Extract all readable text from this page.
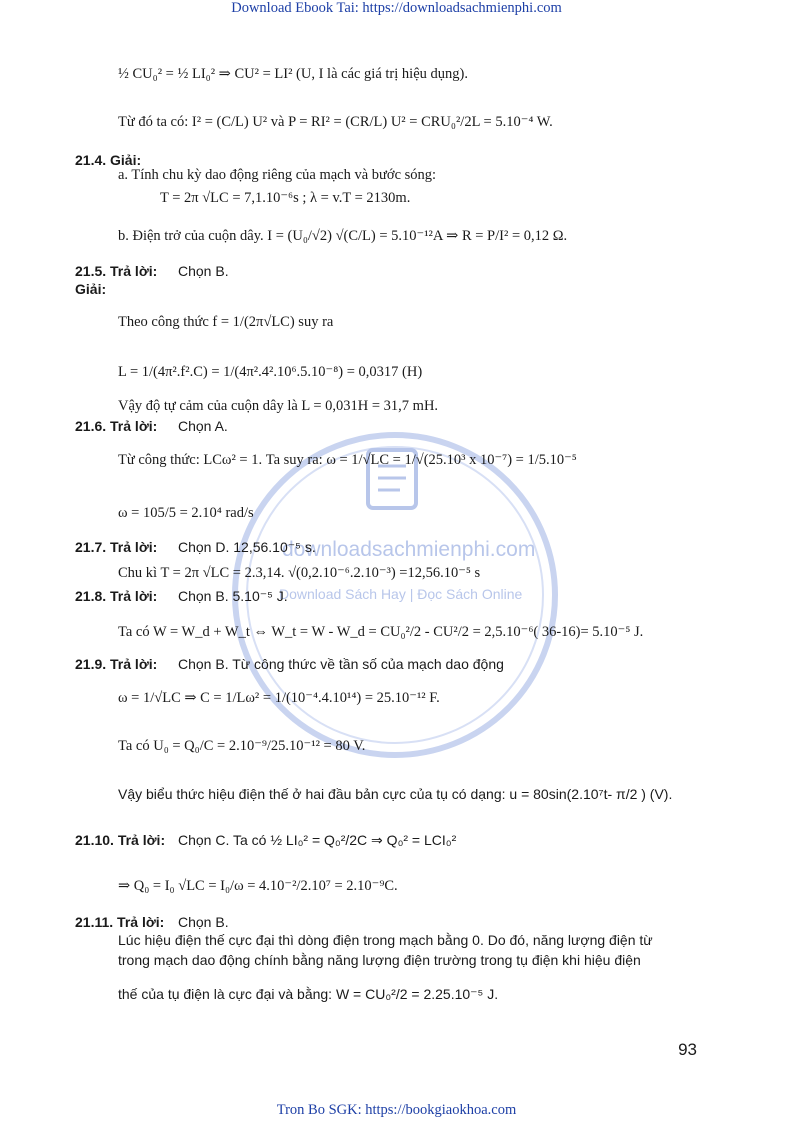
Download Ebook Tai: https://downloadsachmienphi.com
Tron Bo SGK: https://bookgiaokhoa.com
downloadsachmienphi.com
Download Sách Hay | Đọc Sách Online
½ CU₀² = ½ LI₀² ⇒ CU² = LI² (U, I là các giá trị hiệu dụng).
Từ đó ta có: I² = (C/L) U² và P = RI² = (CR/L) U² = CRU₀²/2L = 5.10⁻⁴ W.
21.4. Giải:
a. Tính chu kỳ dao động riêng của mạch và bước sóng:
T = 2π √LC = 7,1.10⁻⁶s ; λ = v.T = 2130m.
b. Điện trở của cuộn dây. I = (U₀/√2) √(C/L) = 5.10⁻¹²A ⇒ R = P/I² = 0,12 Ω.
21.5. Trả lời: Chọn B.
Giải:
Theo công thức f = 1/(2π√LC) suy ra
L = 1/(4π².f².C) = 1/(4π².4².10⁶.5.10⁻⁸) = 0,0317 (H)
Vậy độ tự cảm của cuộn dây là L = 0,031H = 31,7 mH.
21.6. Trả lời: Chọn A.
Từ công thức: LCω² = 1. Ta suy ra: ω = 1/√LC = 1/√(25.10³ x 10⁻⁷) = 1/5.10⁻⁵
ω = 105/5 = 2.10⁴ rad/s
21.7. Trả lời: Chọn D. 12,56.10⁻⁵ s.
Chu kì T = 2π √LC = 2.3,14. √(0,2.10⁻⁶.2.10⁻³) =12,56.10⁻⁵ s
21.8. Trả lời: Chọn B. 5.10⁻⁵ J.
Ta có W = W_d + W_t ⇔ W_t = W - W_d = CU₀²/2 - CU²/2 = 2,5.10⁻⁶( 36-16)= 5.10⁻⁵ J.
21.9. Trả lời: Chọn B. Từ công thức về tần số của mạch dao động
ω = 1/√LC ⇒ C = 1/Lω² = 1/(10⁻⁴.4.10¹⁴) = 25.10⁻¹² F.
Ta có U₀ = Q₀/C = 2.10⁻⁹/25.10⁻¹² = 80 V.
Vậy biểu thức hiệu điện thế ở hai đầu bản cực của tụ có dạng: u = 80sin(2.10⁷t- π/2 ) (V).
21.10. Trả lời: Chọn C. Ta có ½ LI₀² = Q₀²/2C ⇒ Q₀² = LCI₀²
⇒ Q₀ = I₀ √LC = I₀/ω = 4.10⁻²/2.10⁷ = 2.10⁻⁹C.
21.11. Trả lời: Chọn B.
Lúc hiệu điện thế cực đại thì dòng điện trong mạch bằng 0. Do đó, năng lượng điện từ
trong mạch dao động chính bằng năng lượng điện trường trong tụ điện khi hiệu điện
thế của tụ điện là cực đại và bằng: W = CU₀²/2 = 2.25.10⁻⁵ J.
93
